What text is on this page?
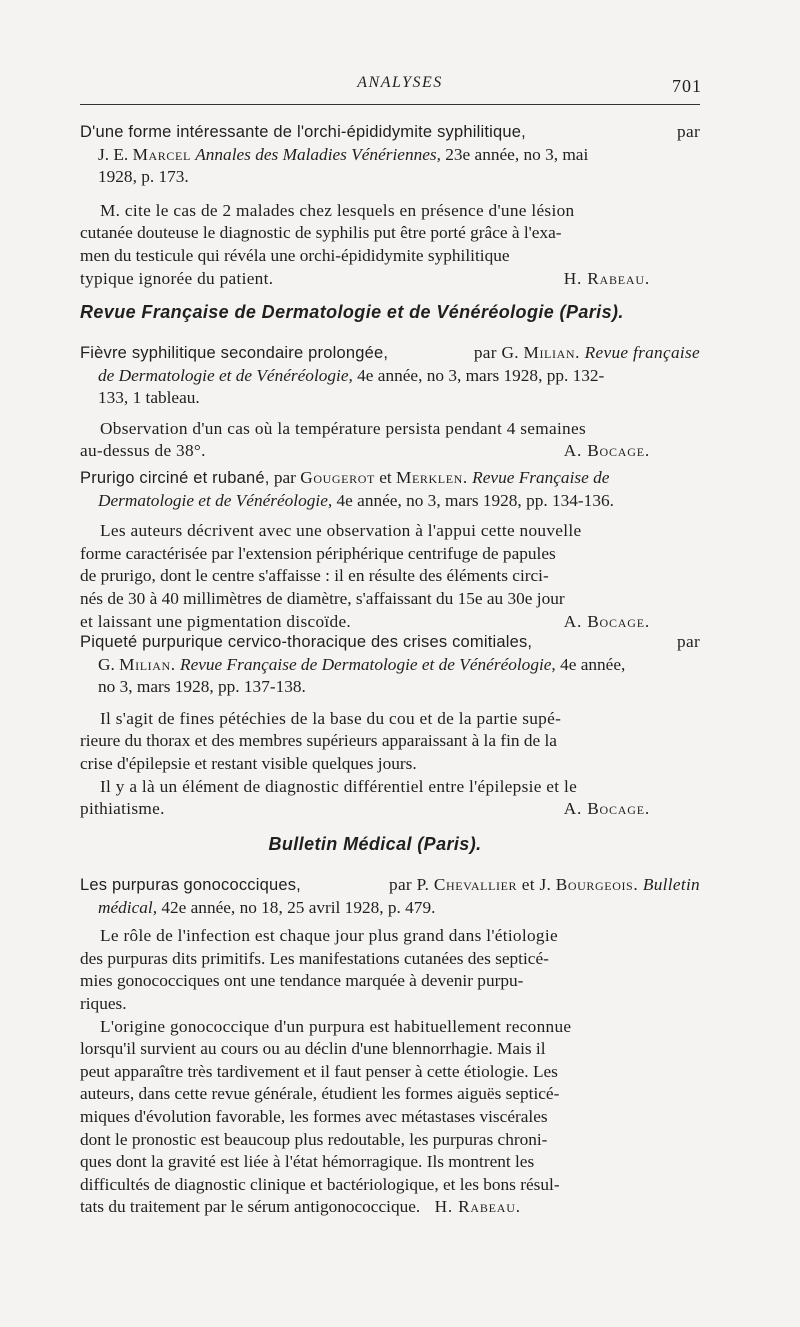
ANALYSES	701
D'une forme intéressante de l'orchi-épididymite syphilitique,	par
J. E. Marcel Annales des Maladies Vénériennes, 23e année, no 3, mai
1928, p. 173.

M. cite le cas de 2 malades chez lesquels en présence d'une lésion

cutanée douteuse le diagnostic de syphilis put être porté grâce à l'exa-

men du testicule qui révéla une orchi-épididymite syphilitique

typique ignorée du patient.	H. Rabeau.
Revue Française de Dermatologie et de Vénéréologie (Paris).
Fièvre syphilitique secondaire prolongée,	par G. Milian. Revue française
de Dermatologie et de Vénéréologie, 4e année, no 3, mars 1928, pp. 132-
133, 1 tableau.

Observation d'un cas où la température persista pendant 4 semaines

au-dessus de 38°.	A. Bocage.
Prurigo circiné et rubané, par Gougerot et Merklen. Revue Française de
Dermatologie et de Vénéréologie, 4e année, no 3, mars 1928, pp. 134-136.

Les auteurs décrivent avec une observation à l'appui cette nouvelle

forme caractérisée par l'extension périphérique centrifuge de papules

de prurigo, dont le centre s'affaisse : il en résulte des éléments circi-

nés de 30 à 40 millimètres de diamètre, s'affaissant du 15e au 30e jour

et laissant une pigmentation discoïde.	A. Bocage.
Piqueté purpurique cervico-thoracique des crises comitiales,	par
G. Milian. Revue Française de Dermatologie et de Vénéréologie, 4e année,
no 3, mars 1928, pp. 137-138.

Il s'agit de fines pétéchies de la base du cou et de la partie supé-

rieure du thorax et des membres supérieurs apparaissant à la fin de la

crise d'épilepsie et restant visible quelques jours.

Il y a là un élément de diagnostic différentiel entre l'épilepsie et le

pithiatisme.	A. Bocage.
Bulletin Médical (Paris).
Les purpuras gonococciques,	par P. Chevallier et J. Bourgeois. Bulletin
médical, 42e année, no 18, 25 avril 1928, p. 479.

Le rôle de l'infection est chaque jour plus grand dans l'étiologie

des purpuras dits primitifs. Les manifestations cutanées des septicé-

mies gonococciques ont une tendance marquée à devenir purpu-

riques.

L'origine gonococcique d'un purpura est habituellement reconnue

lorsqu'il survient au cours ou au déclin d'une blennorrhagie. Mais il

peut apparaître très tardivement et il faut penser à cette étiologie. Les

auteurs, dans cette revue générale, étudient les formes aiguës septicé-

miques d'évolution favorable, les formes avec métastases viscérales

dont le pronostic est beaucoup plus redoutable, les purpuras chroni-

ques dont la gravité est liée à l'état hémorragique. Ils montrent les

difficultés de diagnostic clinique et bactériologique, et les bons résul-

tats du traitement par le sérum antigonococcique. H. Rabeau.
